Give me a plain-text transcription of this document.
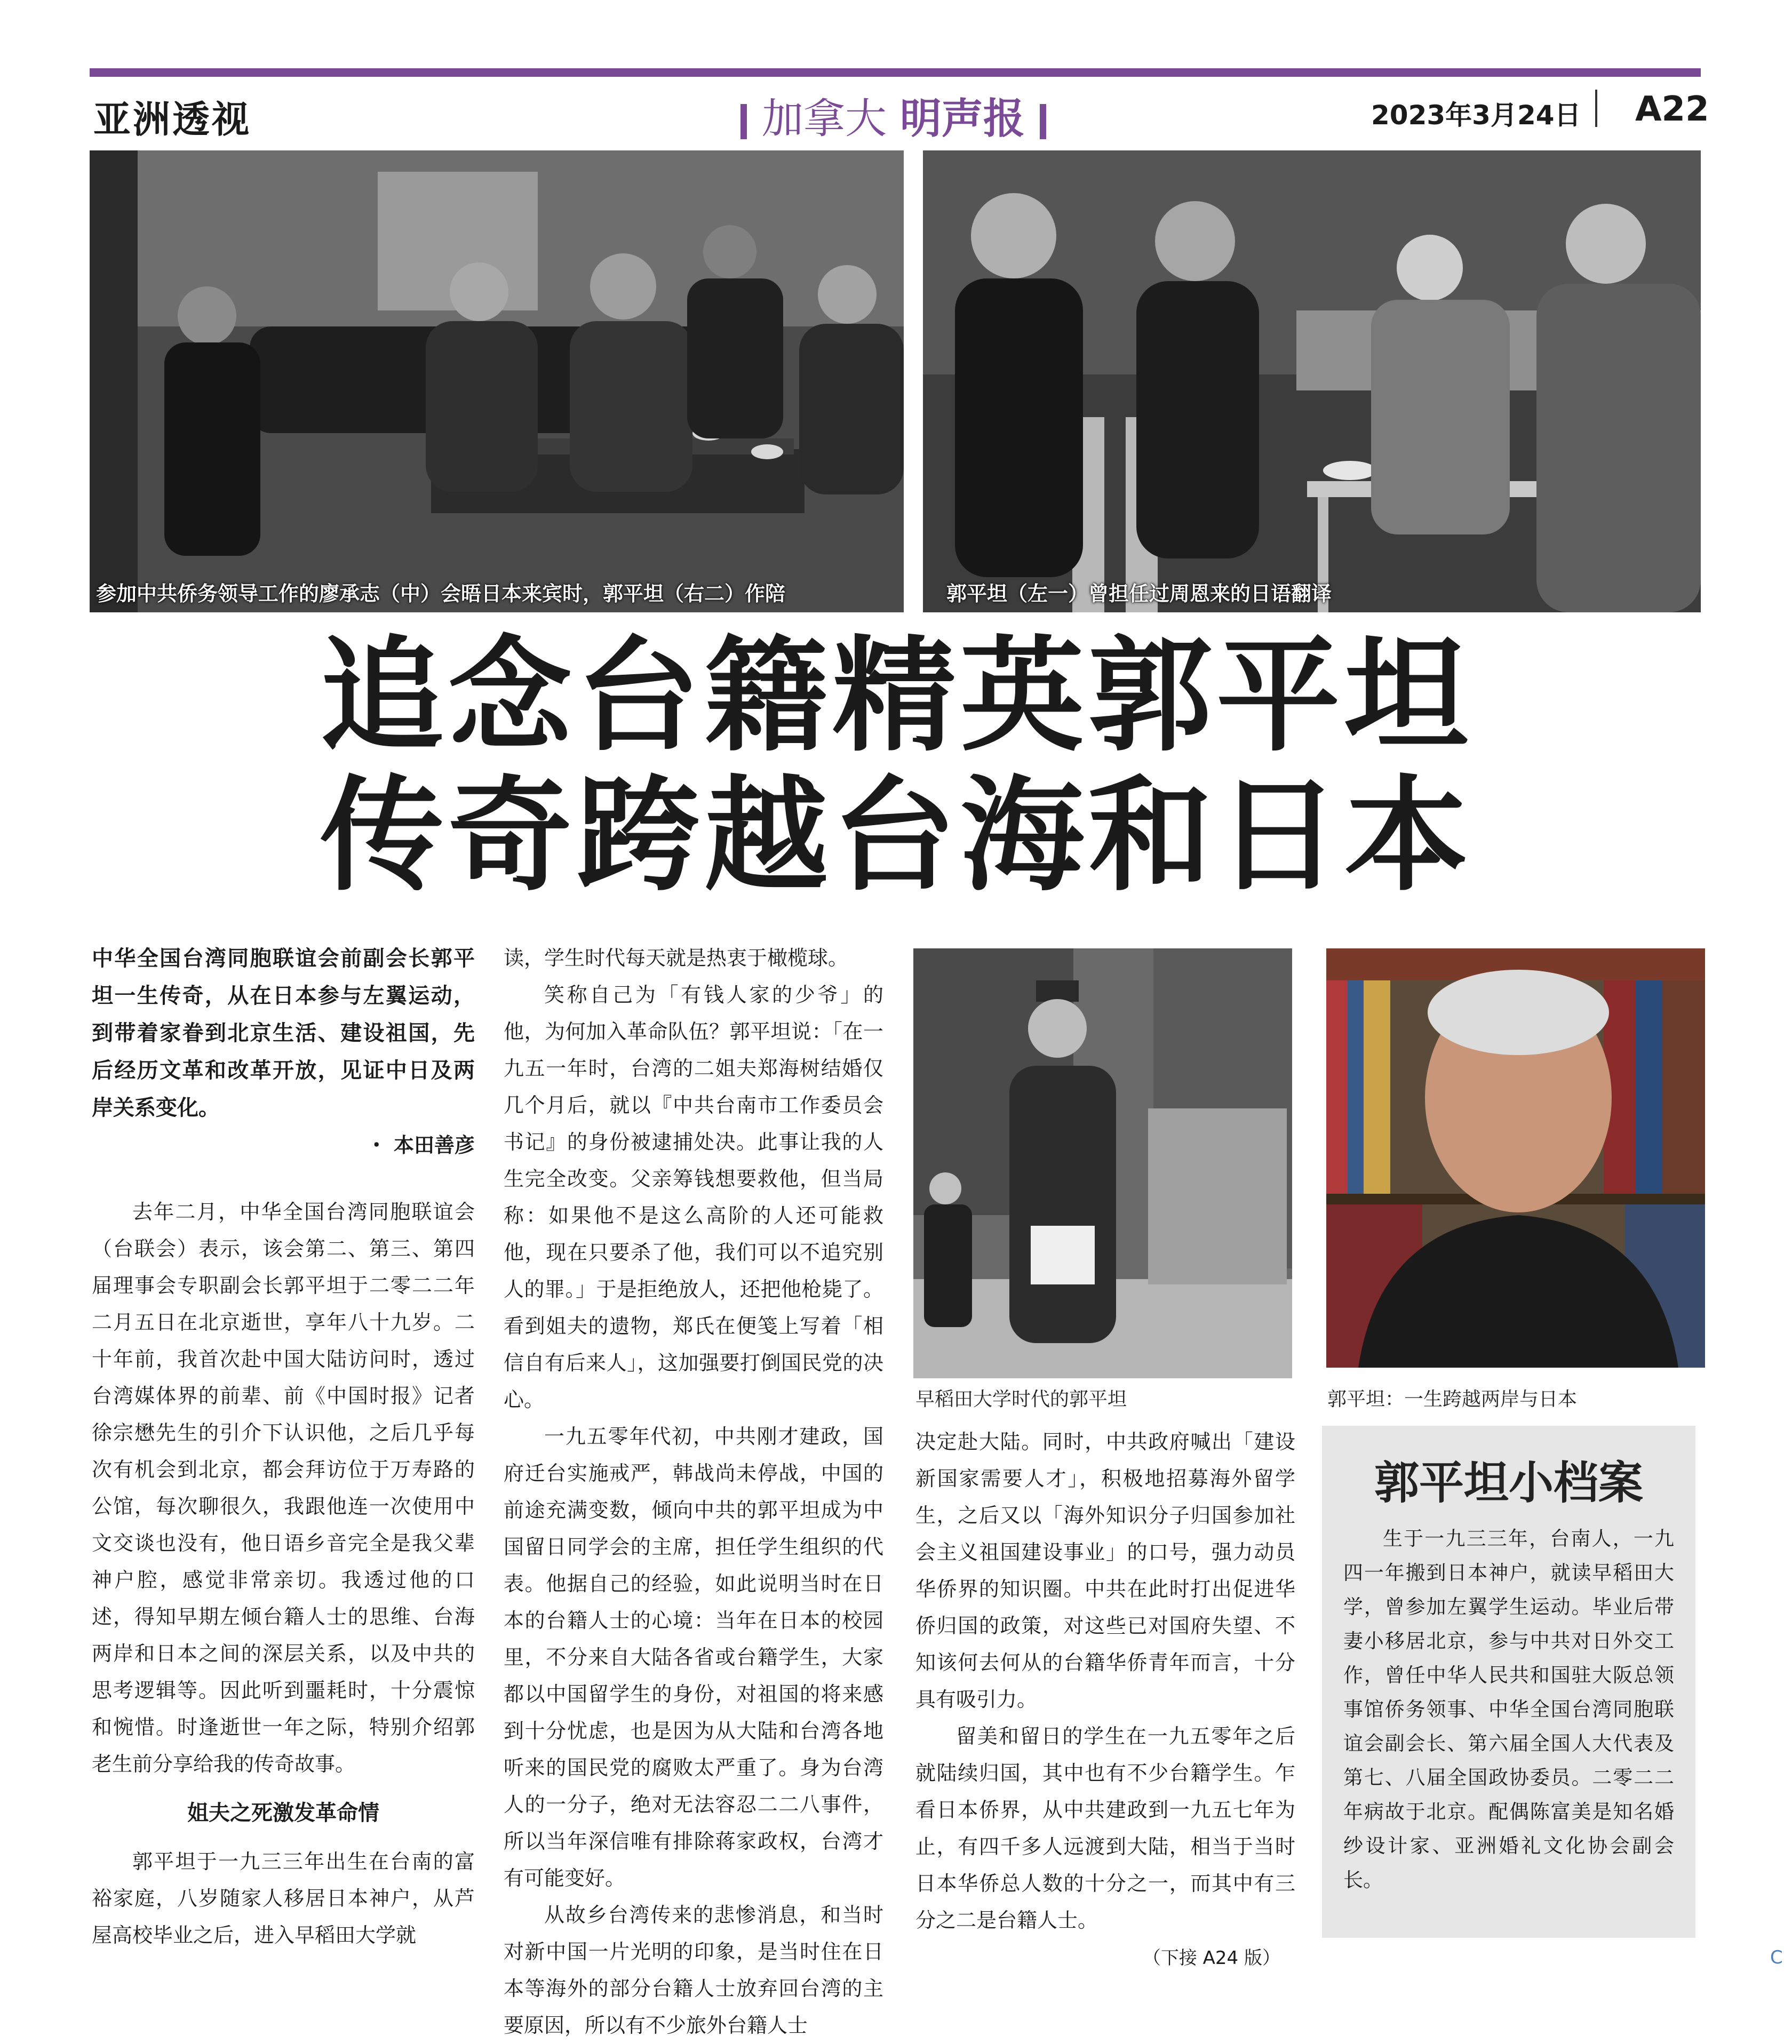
亚洲透视	加拿大 明声报	2023年3月24日 A22
参加中共侨务领导工作的廖承志（中）会晤日本来宾时，郭平坦（右二）作陪	郭平坦（左一）曾担任过周恩来的日语翻译
追念台籍精英郭平坦
传奇跨越台海和日本
中华全国台湾同胞联谊会前副会长郭平坦一生传奇，从在日本参与左翼运动，到带着家眷到北京生活、建设祖国，先后经历文革和改革开放，见证中日及两岸关系变化。
・ 本田善彦

去年二月，中华全国台湾同胞联谊会（台联会）表示，该会第二、第三、第四届理事会专职副会长郭平坦于二零二二年二月五日在北京逝世，享年八十九岁。二十年前，我首次赴中国大陆访问时，透过台湾媒体界的前辈、前《中国时报》记者徐宗懋先生的引介下认识他，之后几乎每次有机会到北京，都会拜访位于万寿路的公馆，每次聊很久，我跟他连一次使用中文交谈也没有，他日语乡音完全是我父辈神户腔，感觉非常亲切。我透过他的口述，得知早期左倾台籍人士的思维、台海两岸和日本之间的深层关系，以及中共的思考逻辑等。因此听到噩耗时，十分震惊和惋惜。时逢逝世一年之际，特别介绍郭老生前分享给我的传奇故事。

姐夫之死激发革命情

郭平坦于一九三三年出生在台南的富裕家庭，八岁随家人移居日本神户，从芦屋高校毕业之后，进入早稻田大学就

读，学生时代每天就是热衷于橄榄球。

笑称自己为「有钱人家的少爷」的他，为何加入革命队伍？郭平坦说：「在一九五一年时，台湾的二姐夫郑海树结婚仅几个月后，就以『中共台南市工作委员会书记』的身份被逮捕处决。此事让我的人生完全改变。父亲筹钱想要救他，但当局称：如果他不是这么高阶的人还可能救他，现在只要杀了他，我们可以不追究别人的罪。」于是拒绝放人，还把他枪毙了。看到姐夫的遗物，郑氏在便笺上写着「相信自有后来人」，这加强要打倒国民党的决心。

一九五零年代初，中共刚才建政，国府迁台实施戒严，韩战尚未停战，中国的前途充满变数，倾向中共的郭平坦成为中国留日同学会的主席，担任学生组织的代表。他据自己的经验，如此说明当时在日本的台籍人士的心境：当年在日本的校园里，不分来自大陆各省或台籍学生，大家都以中国留学生的身份，对祖国的将来感到十分忧虑，也是因为从大陆和台湾各地听来的国民党的腐败太严重了。身为台湾人的一分子，绝对无法容忍二二八事件，所以当年深信唯有排除蒋家政权，台湾才有可能变好。

从故乡台湾传来的悲惨消息，和当时对新中国一片光明的印象，是当时住在日本等海外的部分台籍人士放弃回台湾的主要原因，所以有不少旅外台籍人士

早稻田大学时代的郭平坦	郭平坦：一生跨越两岸与日本

决定赴大陆。同时，中共政府喊出「建设新国家需要人才」，积极地招募海外留学生，之后又以「海外知识分子归国参加社会主义祖国建设事业」的口号，强力动员华侨界的知识圈。中共在此时打出促进华侨归国的政策，对这些已对国府失望、不知该何去何从的台籍华侨青年而言，十分具有吸引力。

留美和留日的学生在一九五零年之后就陆续归国，其中也有不少台籍学生。乍看日本侨界，从中共建政到一九五七年为止，有四千多人远渡到大陆，相当于当时日本华侨总人数的十分之一，而其中有三分之二是台籍人士。

（下接 A24 版）
郭平坦小档案
生于一九三三年，台南人，一九四一年搬到日本神户，就读早稻田大学，曾参加左翼学生运动。毕业后带妻小移居北京，参与中共对日外交工作，曾任中华人民共和国驻大阪总领事馆侨务领事、中华全国台湾同胞联谊会副会长、第六届全国人大代表及第七、八届全国政协委员。二零二二年病故于北京。配偶陈富美是知名婚纱设计家、亚洲婚礼文化协会副会长。
C
